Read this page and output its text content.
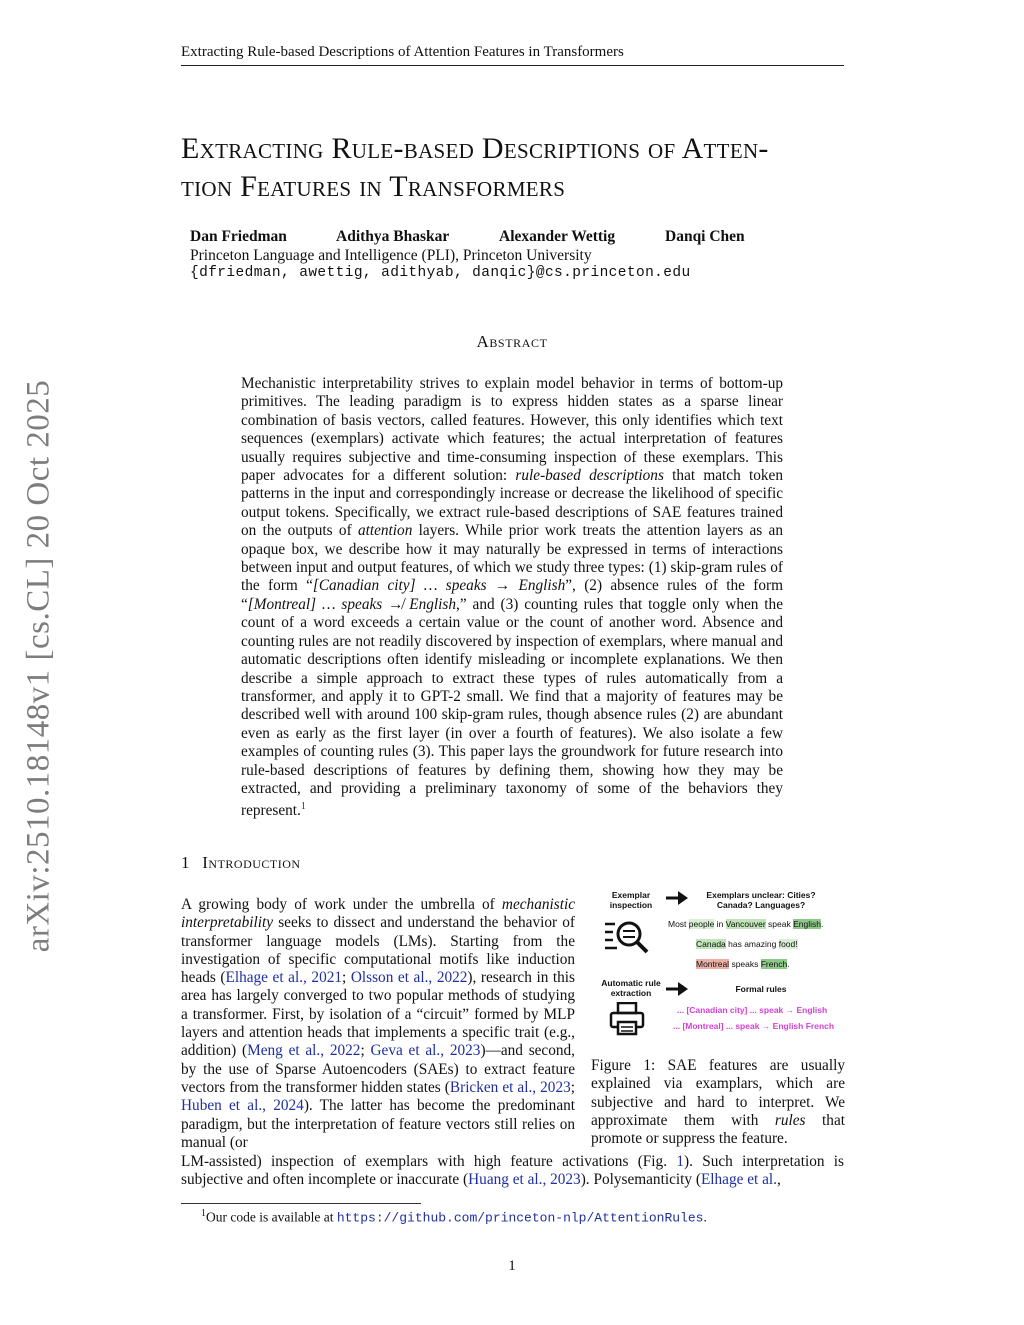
Extracting Rule-based Descriptions of Attention Features in Transformers
arXiv:2510.18148v1 [cs.CL] 20 Oct 2025
Extracting Rule-based Descriptions of Atten-
tion Features in Transformers
Dan Friedman	Adithya Bhaskar	Alexander Wettig	Danqi Chen
Princeton Language and Intelligence (PLI), Princeton University
{dfriedman, awettig, adithyab, danqic}@cs.princeton.edu
Abstract
Mechanistic interpretability strives to explain model behavior in terms of bottom-up primitives. The leading paradigm is to express hidden states as a sparse linear combination of basis vectors, called features. However, this only identifies which text sequences (exemplars) activate which features; the actual interpretation of features usually requires subjective and time-consuming inspection of these exemplars. This paper advocates for a different solution: rule-based descriptions that match token patterns in the input and correspondingly increase or decrease the likelihood of specific output tokens. Specifically, we extract rule-based descriptions of SAE features trained on the outputs of attention layers. While prior work treats the attention layers as an opaque box, we describe how it may naturally be expressed in terms of interactions between input and output features, of which we study three types: (1) skip-gram rules of the form “[Canadian city] … speaks → English”, (2) absence rules of the form “[Montreal] … speaks ↛ English,” and (3) counting rules that toggle only when the count of a word exceeds a certain value or the count of another word. Absence and counting rules are not readily discovered by inspection of exemplars, where manual and automatic descriptions often identify misleading or incomplete explanations. We then describe a simple approach to extract these types of rules automatically from a transformer, and apply it to GPT-2 small. We find that a majority of features may be described well with around 100 skip-gram rules, though absence rules (2) are abundant even as early as the first layer (in over a fourth of features). We also isolate a few examples of counting rules (3). This paper lays the groundwork for future research into rule-based descriptions of features by defining them, showing how they may be extracted, and providing a preliminary taxonomy of some of the behaviors they represent.$^1$
1 Introduction
A growing body of work under the umbrella of mechanistic interpretability seeks to dissect and understand the behavior of transformer language models (LMs). Starting from the investigation of specific computational motifs like induction heads (Elhage et al., 2021; Olsson et al., 2022), research in this area has largely converged to two popular methods of studying a transformer. First, by isolation of a “circuit” formed by MLP layers and attention heads that implements a specific trait (e.g., addition) (Meng et al., 2022; Geva et al., 2023)—and second, by the use of Sparse Autoencoders (SAEs) to extract feature vectors from the transformer hidden states (Bricken et al., 2023; Huben et al., 2024). The latter has become the predominant paradigm, but the interpretation of feature vectors still relies on manual (or
LM-assisted) inspection of exemplars with high feature activations (Fig. 1). Such interpretation is subjective and often incomplete or inaccurate (Huang et al., 2023). Polysemanticity (Elhage et al.,
Exemplar inspection
Exemplars unclear: Cities? Canada? Languages?
Most people in Vancouver speak English.
Canada has amazing food!
Montreal speaks French.
Automatic rule extraction	Formal rules
... [Canadian city] ... speak → English
... [Montreal] ... speak → English French
Figure 1: SAE features are usually explained via examplars, which are subjective and hard to interpret. We approximate them with rules that promote or suppress the feature.
$^1$Our code is available at https://github.com/princeton-nlp/AttentionRules.
1
